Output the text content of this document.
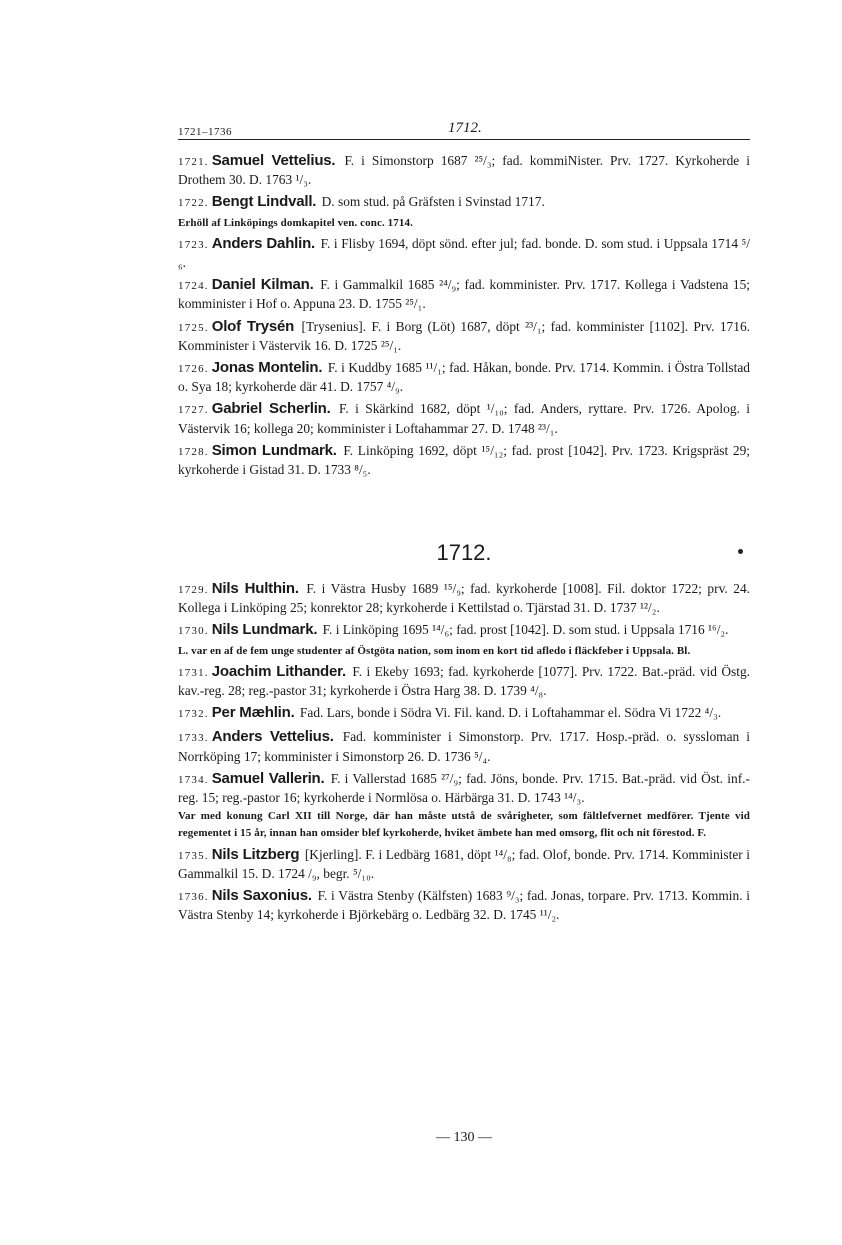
1721–1736	1712.
1721. Samuel Vettelius. F. i Simonstorp 1687 ²⁵/₃; fad. kommiNister. Prv. 1727. Kyrkoherde i Drothem 30. D. 1763 ¹/₃.
1722. Bengt Lindvall. D. som stud. på Gräfsten i Svinstad 1717.
Erhöll af Linköpings domkapitel ven. conc. 1714.
1723. Anders Dahlin. F. i Flisby 1694, döpt sönd. efter jul; fad. bonde. D. som stud. i Uppsala 1714 ⁵/₆.
1724. Daniel Kilman. F. i Gammalkil 1685 ²⁴/₉; fad. komminister. Prv. 1717. Kollega i Vadstena 15; komminister i Hof o. Appuna 23. D. 1755 ²⁵/₁.
1725. Olof Trysén [Trysenius]. F. i Borg (Löt) 1687, döpt ²³/₁; fad. komminister [1102]. Prv. 1716. Komminister i Västervik 16. D. 1725 ²⁵/₁.
1726. Jonas Montelin. F. i Kuddby 1685 ¹¹/₁; fad. Håkan, bonde. Prv. 1714. Kommin. i Östra Tollstad o. Sya 18; kyrkoherde där 41. D. 1757 ⁴/₉.
1727. Gabriel Scherlin. F. i Skärkind 1682, döpt ¹/₁₀; fad. Anders, ryttare. Prv. 1726. Apolog. i Västervik 16; kollega 20; komminister i Loftahammar 27. D. 1748 ²³/₁.
1728. Simon Lundmark. F. Linköping 1692, döpt ¹⁵/₁₂; fad. prost [1042]. Prv. 1723. Krigspräst 29; kyrkoherde i Gistad 31. D. 1733 ⁸/₅.
1712.
1729. Nils Hulthin. F. i Västra Husby 1689 ¹⁵/₉; fad. kyrkoherde [1008]. Fil. doktor 1722; prv. 24. Kollega i Linköping 25; konrektor 28; kyrkoherde i Kettilstad o. Tjärstad 31. D. 1737 ¹²/₂.
1730. Nils Lundmark. F. i Linköping 1695 ¹⁴/₆; fad. prost [1042]. D. som stud. i Uppsala 1716 ¹⁶/₂.
L. var en af de fem unge studenter af Östgöta nation, som inom en kort tid afledo i fläckfeber i Uppsala. Bl.
1731. Joachim Lithander. F. i Ekeby 1693; fad. kyrkoherde [1077]. Prv. 1722. Bat.-präd. vid Östg. kav.-reg. 28; reg.-pastor 31; kyrkoherde i Östra Harg 38. D. 1739 ⁴/₈.
1732. Per Mæhlin. Fad. Lars, bonde i Södra Vi. Fil. kand. D. i Loftahammar el. Södra Vi 1722 ⁴/₃.
1733. Anders Vettelius. Fad. komminister i Simonstorp. Prv. 1717. Hosp.-präd. o. syssloman i Norrköping 17; komminister i Simonstorp 26. D. 1736 ⁵/₄.
1734. Samuel Vallerin. F. i Vallerstad 1685 ²⁷/₉; fad. Jöns, bonde. Prv. 1715. Bat.-präd. vid Öst. inf.-reg. 15; reg.-pastor 16; kyrkoherde i Normlösa o. Härbärga 31. D. 1743 ¹⁴/₃.
Var med konung Carl XII till Norge, där han måste utstå de svårigheter, som fältlefvernet medförer. Tjente vid regementet i 15 år, innan han omsider blef kyrkoherde, hviket ämbete han med omsorg, flit och nit förestod. F.
1735. Nils Litzberg [Kjerling]. F. i Ledbärg 1681, döpt ¹⁴/₈; fad. Olof, bonde. Prv. 1714. Komminister i Gammalkil 15. D. 1724 /₉, begr. ⁵/₁₀.
1736. Nils Saxonius. F. i Västra Stenby (Kälfsten) 1683 ⁹/₃; fad. Jonas, torpare. Prv. 1713. Kommin. i Västra Stenby 14; kyrkoherde i Björkebärg o. Ledbärg 32. D. 1745 ¹¹/₂.
— 130 —
